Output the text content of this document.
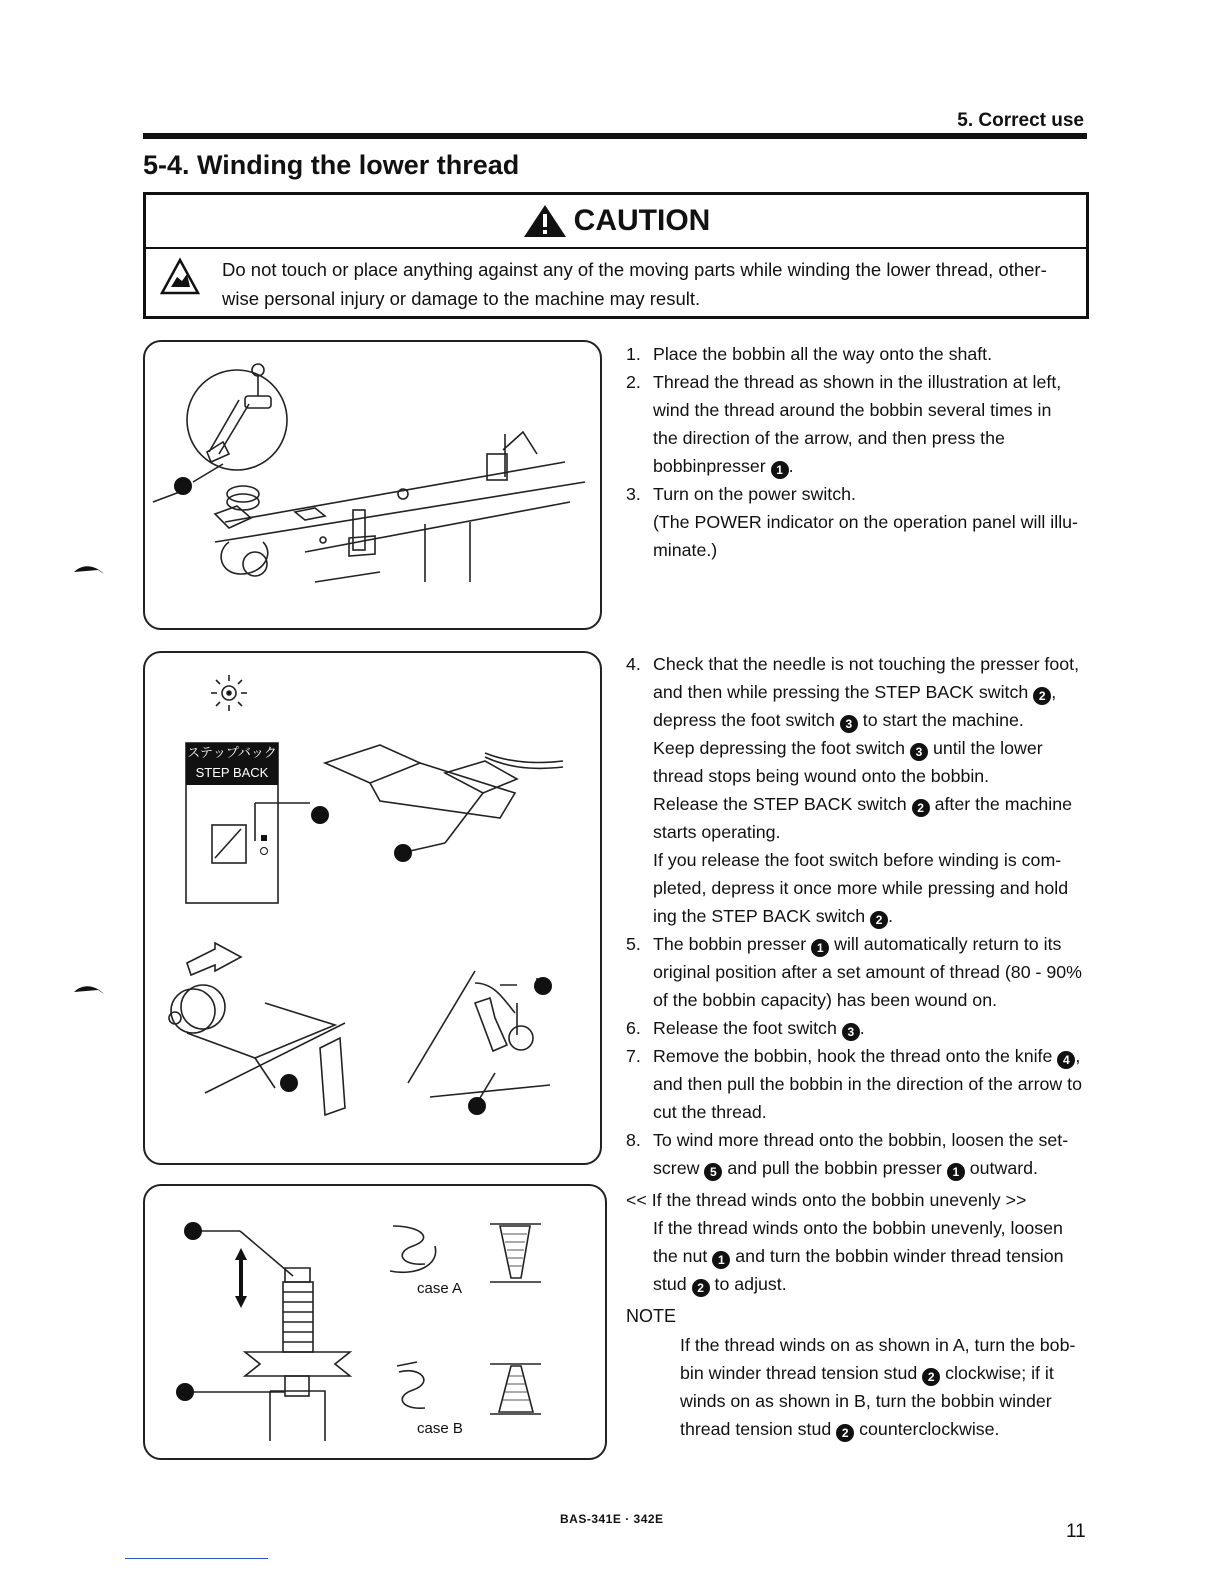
5. Correct use
5-4. Winding the lower thread
CAUTION
Do not touch or place anything against any of the moving parts while winding the lower thread, other-
wise personal injury or damage to the machine may result.
ステップバック
STEP BACK
case A
case B
1. Place the bobbin all the way onto the shaft.
2. Thread the thread as shown in the illustration at left,
wind the thread around the bobbin several times in
the direction of the arrow, and then press the
bobbinpresser 1 .
3. Turn on the power switch.
(The POWER indicator on the operation panel will illu-
minate.)
4. Check that the needle is not touching the presser foot,
and then while pressing the STEP BACK switch 2 ,
depress the foot switch 3 to start the machine.
Keep depressing the foot switch 3 until the lower
thread stops being wound onto the bobbin.
Release the STEP BACK switch 2 after the machine
starts operating.
If you release the foot switch before winding is com-
pleted, depress it once more while pressing and hold
ing the STEP BACK switch 2 .
5. The bobbin presser 1 will automatically return to its
original position after a set amount of thread (80 - 90%
of the bobbin capacity) has been wound on.
6. Release the foot switch 3 .
7. Remove the bobbin, hook the thread onto the knife 4 ,
and then pull the bobbin in the direction of the arrow to
cut the thread.
8. To wind more thread onto the bobbin, loosen the set-
screw 5 and pull the bobbin presser 1 outward.
<< If the thread winds onto the bobbin unevenly >>
If the thread winds onto the bobbin unevenly, loosen
the nut 1 and turn the bobbin winder thread tension
stud 2 to adjust.
NOTE
If the thread winds on as shown in A, turn the bob-
bin winder thread tension stud 2 clockwise; if it
winds on as shown in B, turn the bobbin winder
thread tension stud 2 counterclockwise.
BAS-341E · 342E
11
